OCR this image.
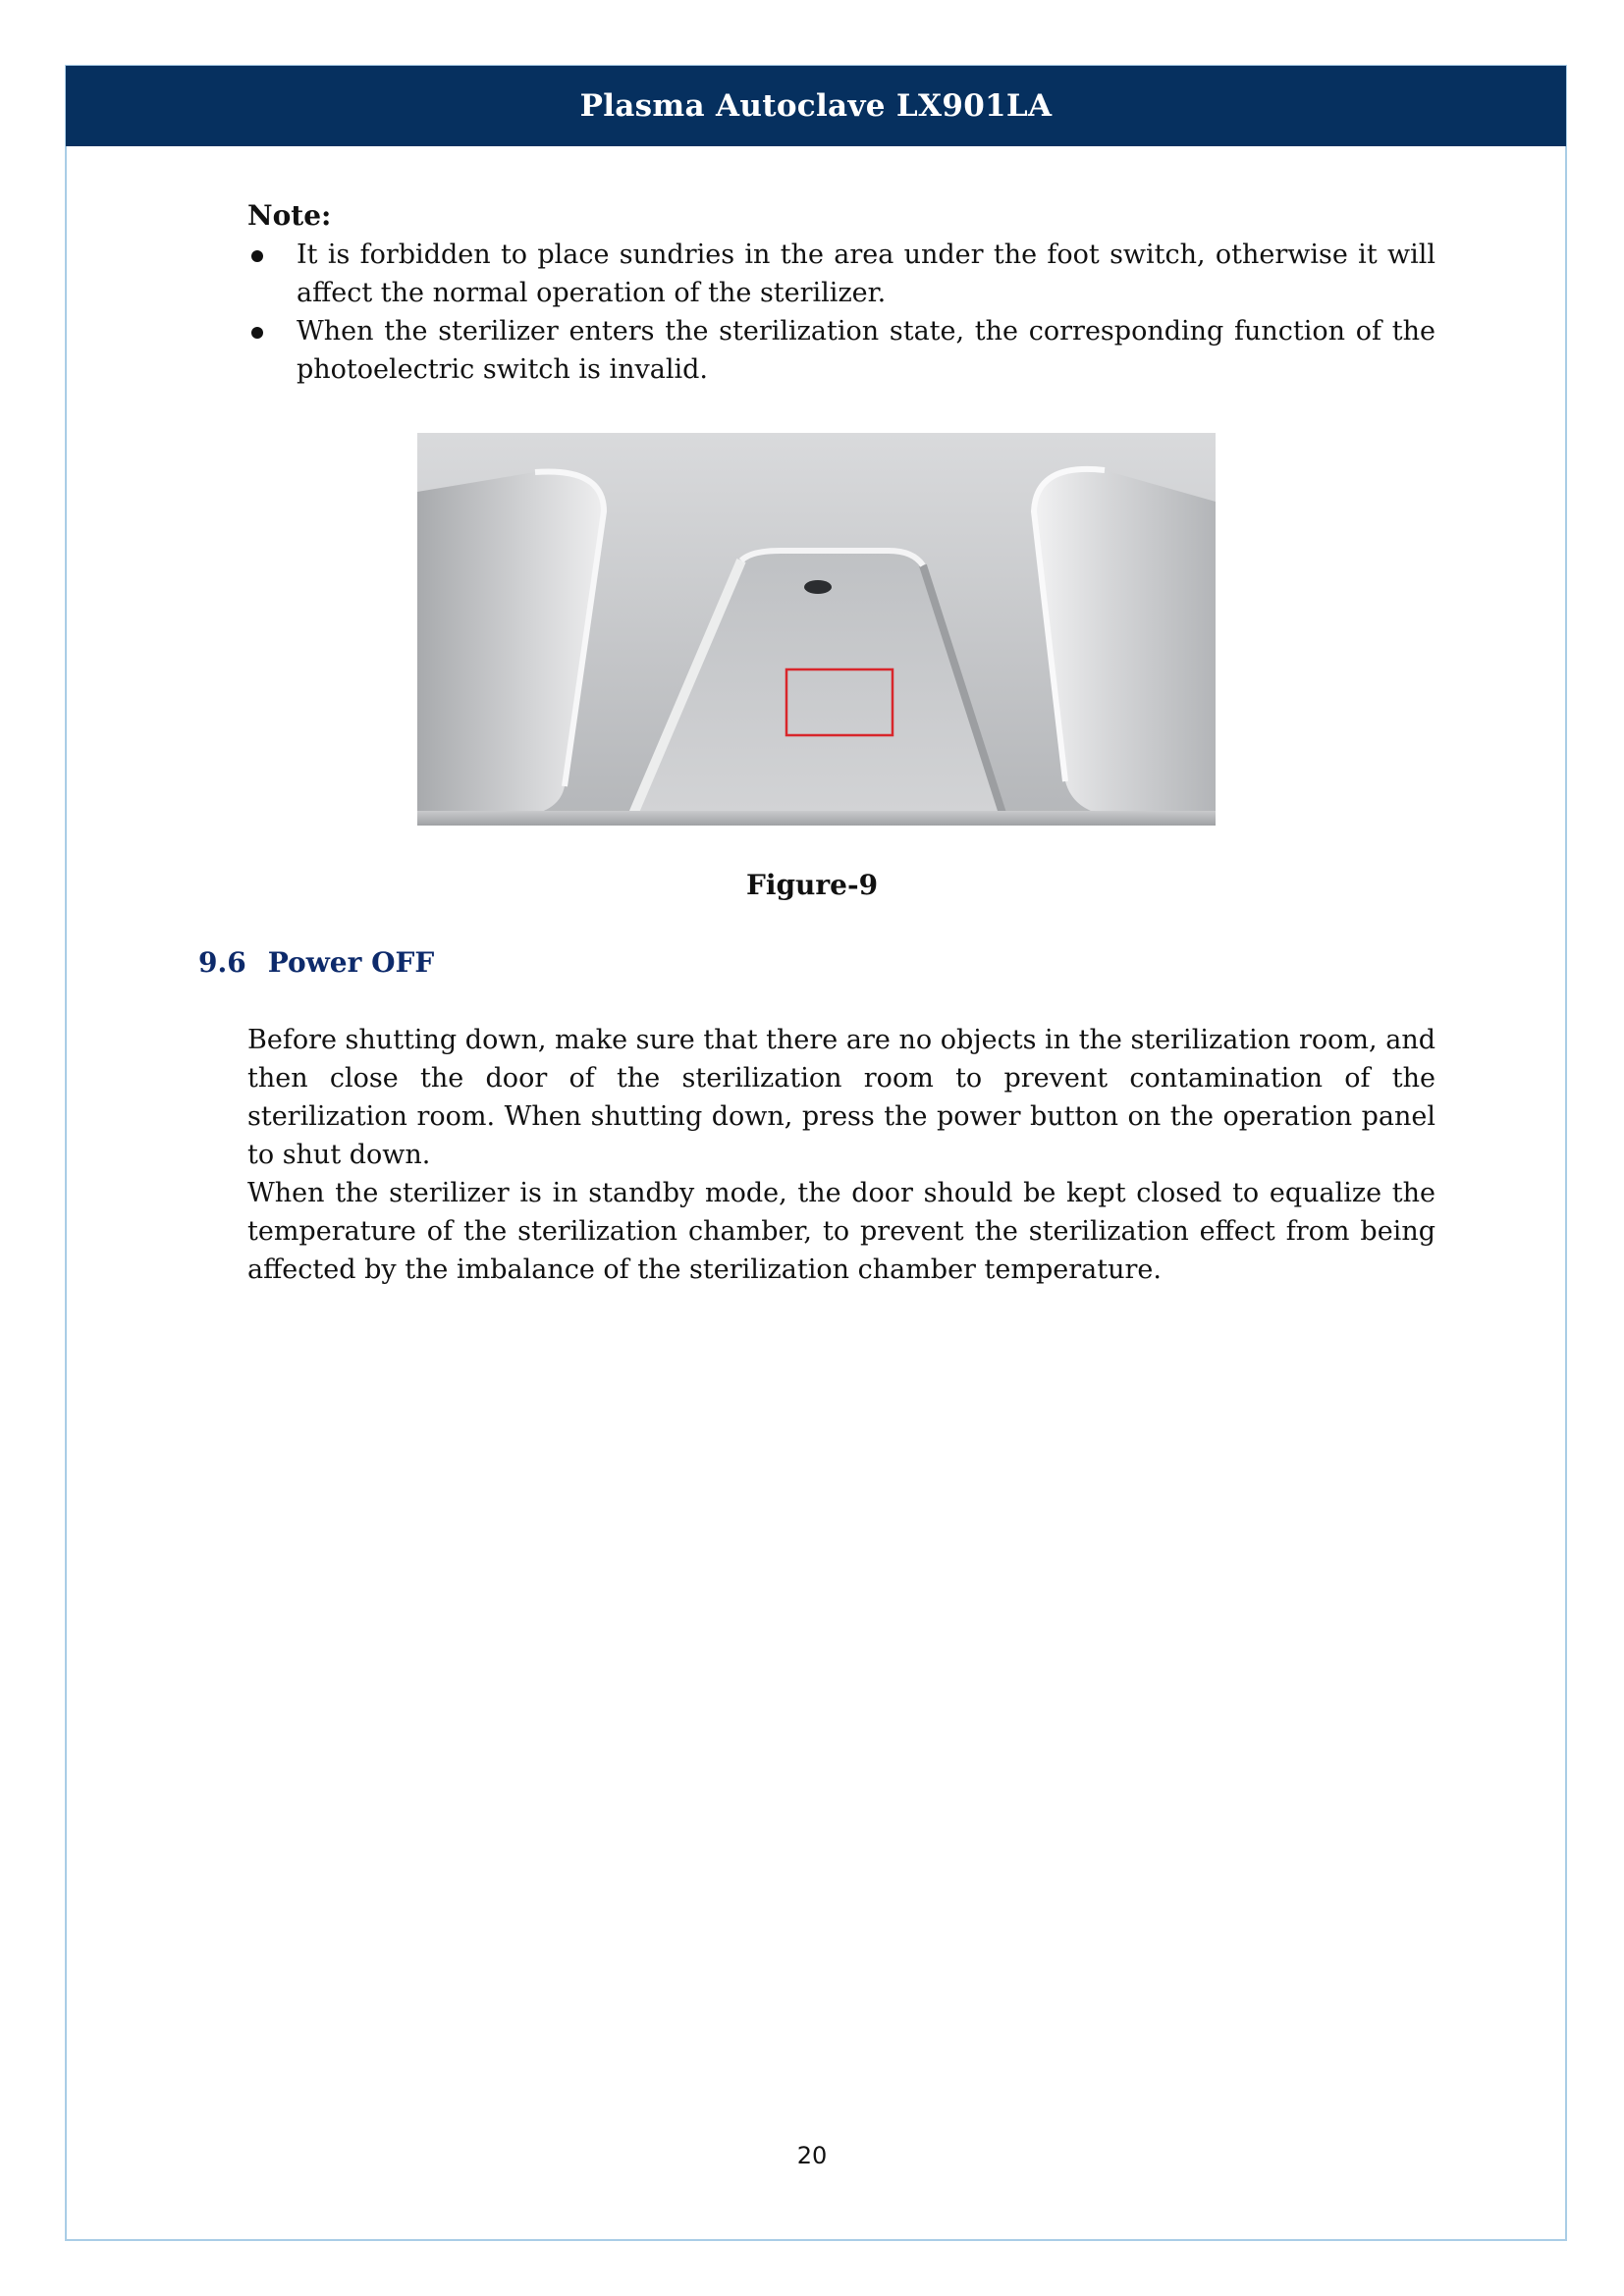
Plasma Autoclave LX901LA
Note:
It is forbidden to place sundries in the area under the foot switch, otherwise it will affect the normal operation of the sterilizer.
When the sterilizer enters the sterilization state, the corresponding function of the photoelectric switch is invalid.
Figure-9
9.6 Power OFF

Before shutting down, make sure that there are no objects in the sterilization room, and then close the door of the sterilization room to prevent contamination of the sterilization room. When shutting down, press the power button on the operation panel to shut down.

When the sterilizer is in standby mode, the door should be kept closed to equalize the temperature of the sterilization chamber, to prevent the sterilization effect from being affected by the imbalance of the sterilization chamber temperature.

20
